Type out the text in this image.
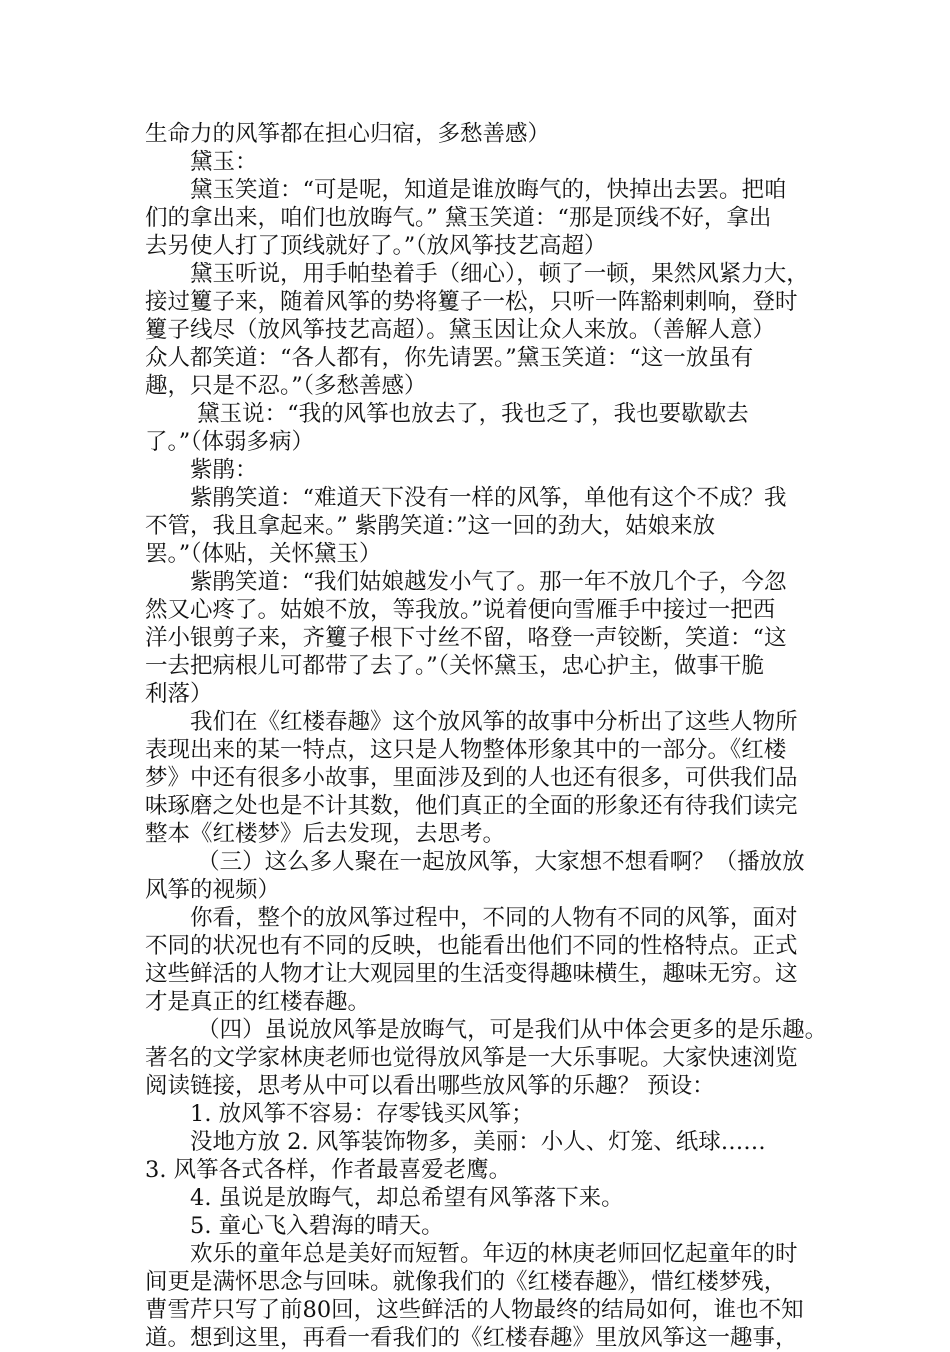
生命力的风筝都在担心归宿，多愁善感）
　　黛玉：
　　黛玉笑道：“可是呢，知道是谁放晦气的，快掉出去罢。把咱
们的拿出来，咱们也放晦气。” 黛玉笑道：“那是顶线不好，拿出
去另使人打了顶线就好了。”（放风筝技艺高超）
　　黛玉听说，用手帕垫着手（细心），顿了一顿，果然风紧力大，
接过籰子来，随着风筝的势将籰子一松，只听一阵豁剌剌响，登时
籰子线尽（放风筝技艺高超）。黛玉因让众人来放。（善解人意）
众人都笑道：“各人都有，你先请罢。”黛玉笑道：“这一放虽有
趣，只是不忍。”（多愁善感）
　　 黛玉说：“我的风筝也放去了，我也乏了，我也要歇歇去
了。”（体弱多病）
　　紫鹃：
　　紫鹃笑道：“难道天下没有一样的风筝，单他有这个不成？我
不管，我且拿起来。” 紫鹃笑道：”这一回的劲大，姑娘来放
罢。”（体贴，关怀黛玉）
　　紫鹃笑道：“我们姑娘越发小气了。那一年不放几个子，今忽
然又心疼了。姑娘不放，等我放。”说着便向雪雁手中接过一把西
洋小银剪子来，齐籰子根下寸丝不留，咯登一声铰断，笑道：“这
一去把病根儿可都带了去了。”（关怀黛玉，忠心护主，做事干脆
利落）
　　我们在《红楼春趣》这个放风筝的故事中分析出了这些人物所
表现出来的某一特点，这只是人物整体形象其中的一部分。《红楼
梦》中还有很多小故事，里面涉及到的人也还有很多，可供我们品
味琢磨之处也是不计其数，他们真正的全面的形象还有待我们读完
整本《红楼梦》后去发现，去思考。
　　 （三）这么多人聚在一起放风筝，大家想不想看啊？（播放放
风筝的视频）
　　你看，整个的放风筝过程中，不同的人物有不同的风筝，面对
不同的状况也有不同的反映，也能看出他们不同的性格特点。正式
这些鲜活的人物才让大观园里的生活变得趣味横生，趣味无穷。这
才是真正的红楼春趣。
　　 （四）虽说放风筝是放晦气，可是我们从中体会更多的是乐趣。
著名的文学家林庚老师也觉得放风筝是一大乐事呢。大家快速浏览
阅读链接，思考从中可以看出哪些放风筝的乐趣？ 预设：
　　1. 放风筝不容易：存零钱买风筝；
　　没地方放 2. 风筝装饰物多，美丽：小人、灯笼、纸球……
3. 风筝各式各样，作者最喜爱老鹰。
　　4. 虽说是放晦气，却总希望有风筝落下来。
　　5. 童心飞入碧海的晴天。
　　欢乐的童年总是美好而短暂。年迈的林庚老师回忆起童年的时
间更是满怀思念与回味。就像我们的《红楼春趣》，惜红楼梦残，
曹雪芹只写了前80回，这些鲜活的人物最终的结局如何，谁也不知
道。想到这里，再看一看我们的《红楼春趣》里放风筝这一趣事，
